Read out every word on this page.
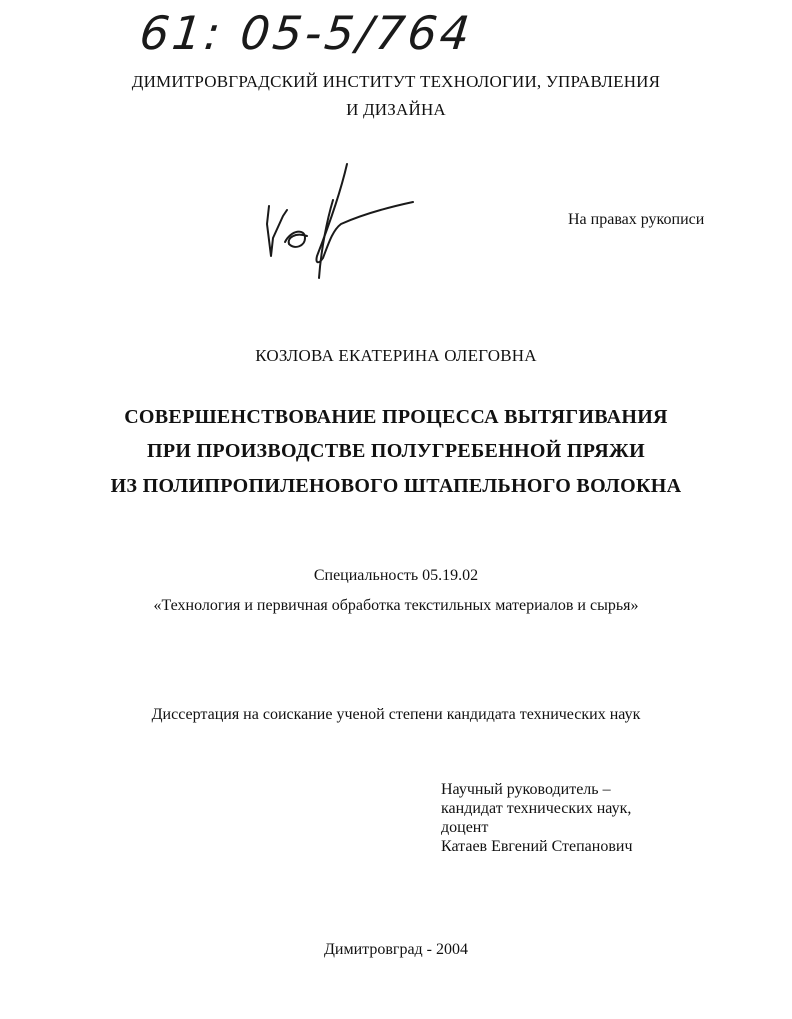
61: 05-5/764
ДИМИТРОВГРАДСКИЙ ИНСТИТУТ ТЕХНОЛОГИИ, УПРАВЛЕНИЯ
И ДИЗАЙНА
На правах рукописи
КОЗЛОВА ЕКАТЕРИНА ОЛЕГОВНА
СОВЕРШЕНСТВОВАНИЕ ПРОЦЕССА ВЫТЯГИВАНИЯ
ПРИ ПРОИЗВОДСТВЕ ПОЛУГРЕБЕННОЙ ПРЯЖИ
ИЗ ПОЛИПРОПИЛЕНОВОГО ШТАПЕЛЬНОГО ВОЛОКНА
Специальность 05.19.02
«Технология и первичная обработка текстильных материалов и сырья»
Диссертация на соискание ученой степени кандидата технических наук
Научный руководитель –
кандидат технических наук,
доцент
Катаев Евгений Степанович
Димитровград - 2004
